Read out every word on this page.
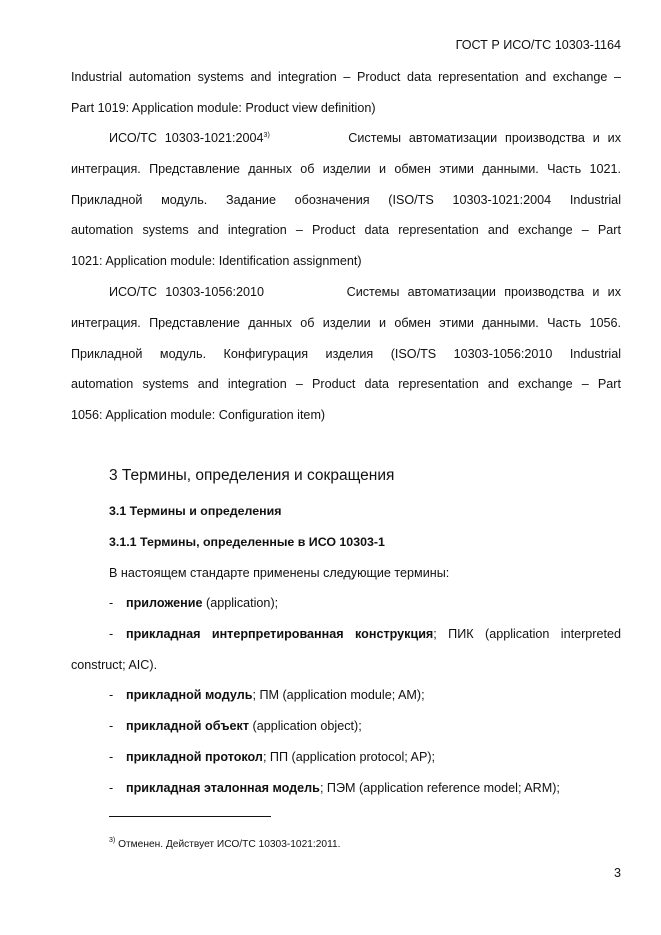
ГОСТ Р ИСО/ТС 10303-1164
Industrial automation systems and integration – Product data representation and exchange –
Part 1019: Application module: Product view definition)
ИСО/ТС 10303-1021:2004$^{3)}$	Системы автоматизации производства и их
интеграция. Представление данных об изделии и обмен этими данными. Часть 1021.
Прикладной модуль. Задание обозначения (ISO/TS 10303-1021:2004 Industrial
automation systems and integration – Product data representation and exchange – Part
1021: Application module: Identification assignment)
ИСО/ТС 10303-1056:2010	Системы автоматизации производства и их
интеграция. Представление данных об изделии и обмен этими данными. Часть 1056.
Прикладной модуль. Конфигурация изделия (ISO/TS 10303-1056:2010 Industrial
automation systems and integration – Product data representation and exchange – Part
1056: Application module: Configuration item)
3 Термины, определения и сокращения
3.1 Термины и определения
3.1.1 Термины, определенные в ИСО 10303-1
В настоящем стандарте применены следующие термины:
- приложение (application);
- прикладная интерпретированная конструкция; ПИК (application interpreted
construct; AIC).
- прикладной модуль; ПМ (application module; AM);
- прикладной объект (application object);
- прикладной протокол; ПП (application protocol; AP);
- прикладная эталонная модель; ПЭМ (application reference model; ARM);
$^{3)}$ Отменен. Действует ИСО/ТС 10303-1021:2011.
3
